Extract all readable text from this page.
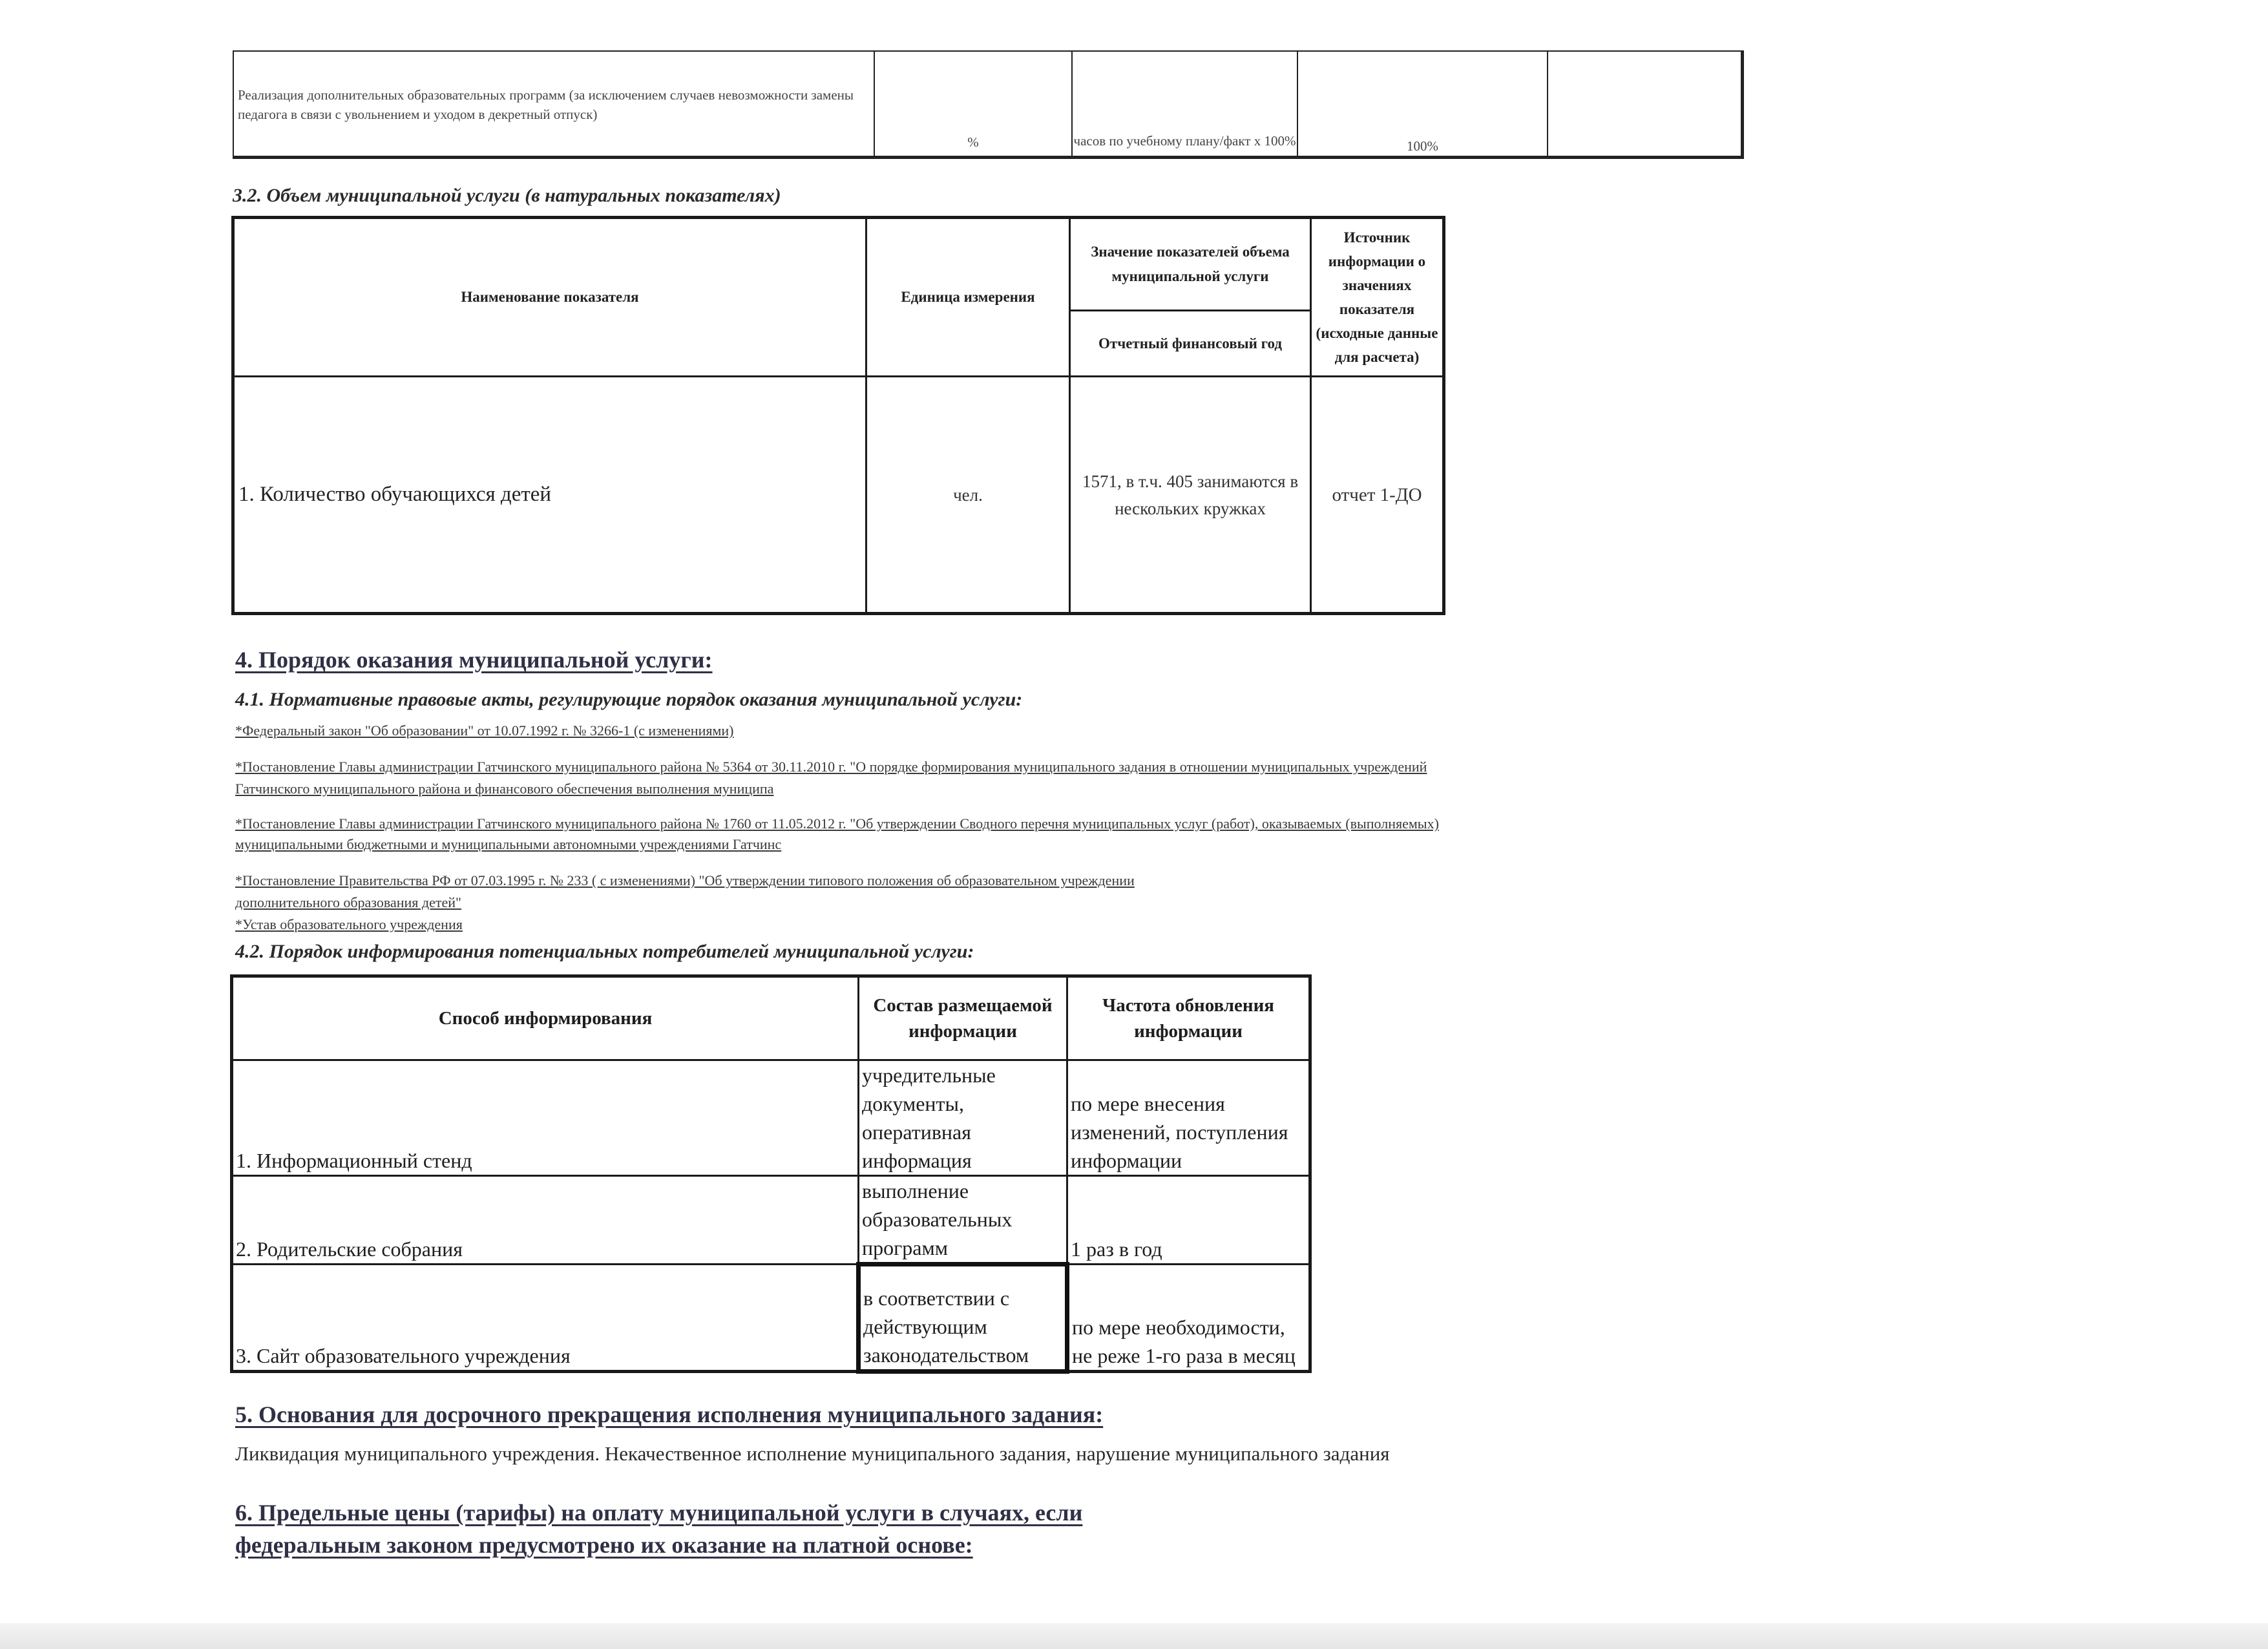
Реализация дополнительных образовательных программ (за исключением случаев невозможности замены педагога в связи с увольнением и уходом в декретный отпуск)	%	часов по учебному плану/факт х 100%	100%	
3.2. Объем муниципальной услуги (в натуральных показателях)
Наименование показателя	Единица измерения	Значение показателей объема муниципальной услуги	Источник информации о значениях показателя (исходные данные для расчета)
		Отчетный финансовый год	
1. Количество обучающихся детей	чел.	1571, в т.ч. 405 занимаются в нескольких кружках	отчет 1-ДО
4. Порядок оказания муниципальной услуги:
4.1. Нормативные правовые акты, регулирующие порядок оказания муниципальной услуги:
*Федеральный закон "Об образовании" от 10.07.1992 г. № 3266-1 (с изменениями)
*Постановление Главы администрации Гатчинского муниципального района № 5364 от 30.11.2010 г. "О порядке формирования муниципального задания в отношении муниципальных учреждений
Гатчинского муниципального района и финансового обеспечения выполнения муниципа
*Постановление Главы администрации Гатчинского муниципального района № 1760 от 11.05.2012 г. "Об утверждении Сводного перечня муниципальных услуг (работ), оказываемых (выполняемых)
муниципальными бюджетными и муниципальными автономными учреждениями Гатчинс
*Постановление Правительства РФ от 07.03.1995 г. № 233 ( с изменениями) "Об утверждении типового положения об образовательном учреждении
дополнительного образования детей"
*Устав образовательного учреждения
4.2. Порядок информирования потенциальных потребителей муниципальной услуги:
Способ информирования	Состав размещаемой информации	Частота обновления информации
1. Информационный стенд	учредительные документы, оперативная информация	по мере внесения изменений, поступления информации
2. Родительские собрания	выполнение образовательных программ	1 раз в год
3. Сайт образовательного учреждения	в соответствии с действующим законодательством	по мере необходимости, не реже 1-го раза в месяц
5. Основания для досрочного прекращения исполнения муниципального задания:
Ликвидация муниципального учреждения. Некачественное исполнение муниципального задания, нарушение муниципального задания
6. Предельные цены (тарифы) на оплату муниципальной услуги в случаях, если
федеральным законом предусмотрено их оказание на платной основе:
